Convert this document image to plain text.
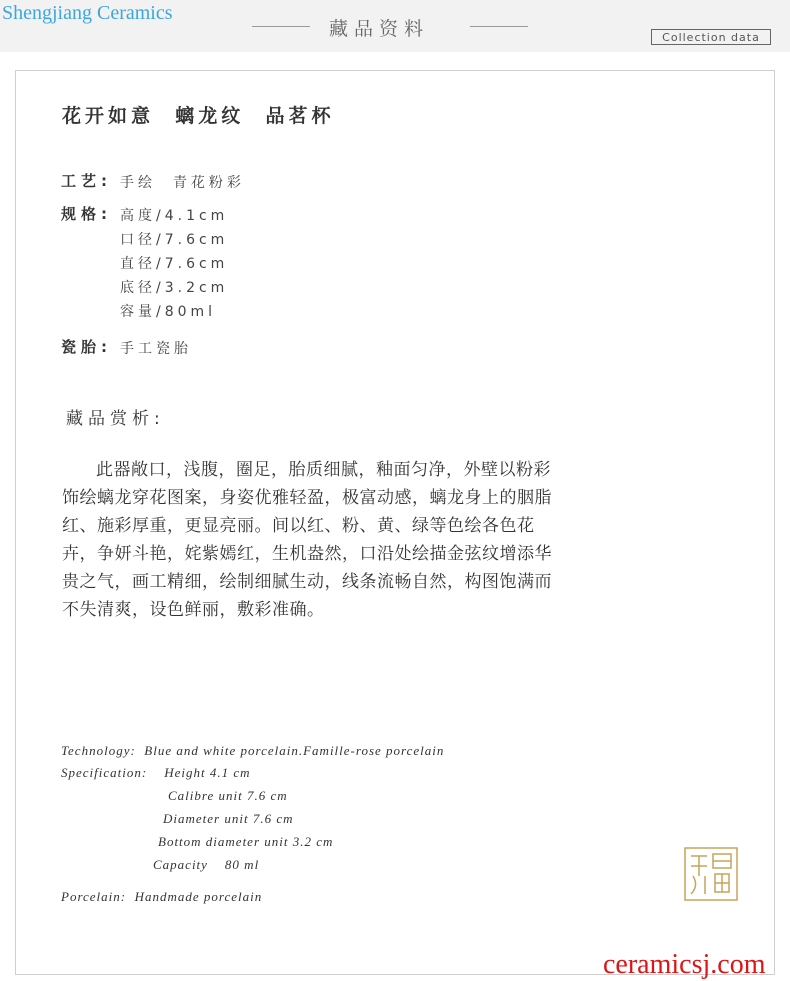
Shengjiang Ceramics
藏品资料	Collection data
花开如意  螭龙纹  品茗杯
工艺: 手绘  青花粉彩
规格: 高度/4.1cm
口径/7.6cm
直径/7.6cm
底径/3.2cm
容量/80ml
瓷胎: 手工瓷胎
藏品赏析:
此器敞口，浅腹，圈足，胎质细腻，釉面匀净，外壁以粉彩饰绘螭龙穿花图案，身姿优雅轻盈，极富动感，螭龙身上的胭脂红、施彩厚重，更显亮丽。间以红、粉、黄、绿等色绘各色花卉，争妍斗艳，姹紫嫣红，生机盎然，口沿处绘描金弦纹增添华贵之气，画工精细，绘制细腻生动，线条流畅自然，构图饱满而不失清爽，设色鲜丽，敷彩准确。
Technology:  Blue and white porcelain.Famille-rose porcelain
Specification:    Height 4.1 cm
Calibre unit 7.6 cm
Diameter unit 7.6 cm
Bottom diameter unit 3.2 cm
Capacity    80 ml
Porcelain:  Handmade porcelain
ceramicsj.com
